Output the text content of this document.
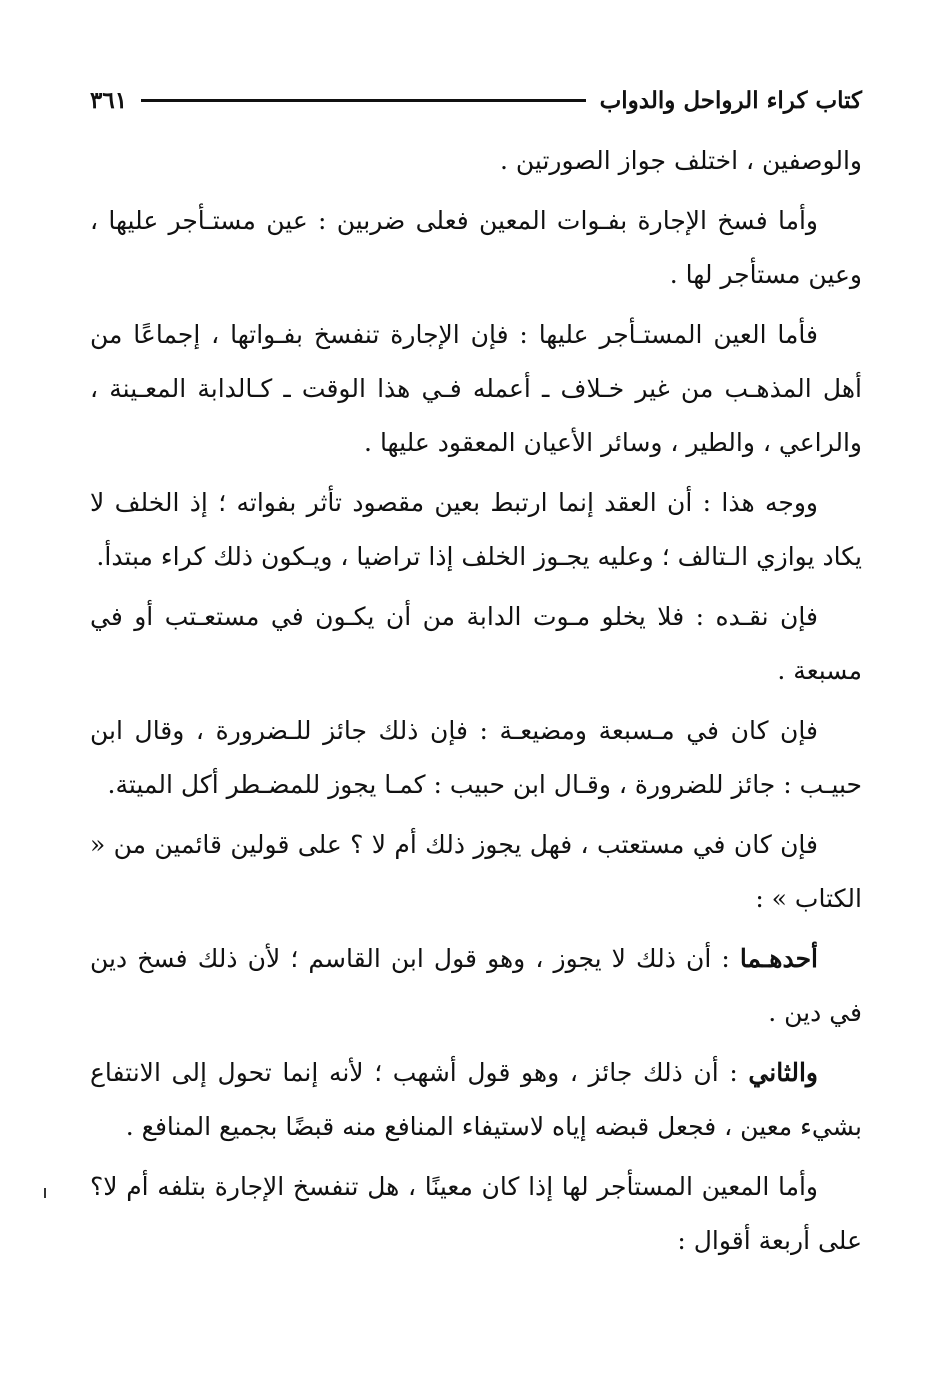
كتاب كراء الرواحل والدواب
٣٦١

والوصفين ، اختلف جواز الصورتين .

وأما فسخ الإجارة بفـوات المعين فعلى ضربين : عين مستـأجر عليها ، وعين مستأجر لها .

فأما العين المستـأجر عليها : فإن الإجارة تنفسخ بفـواتها ، إجماعًا من أهل المذهـب من غير خـلاف ـ أعمله فـي هذا الوقت ـ كـالدابة المعـينة ، والراعي ، والطير ، وسائر الأعيان المعقود عليها .

ووجه هذا : أن العقد إنما ارتبط بعين مقصود تأثر بفواته ؛ إذ الخلف لا يكاد يوازي الـتالف ؛ وعليه يجـوز الخلف إذا تراضيا ، ويـكون ذلك كراء مبتدأ.

فإن نقـده : فلا يخلو مـوت الدابة من أن يكـون في مستعـتب أو في مسبعة .

فإن كان في مـسبعة ومضيعـة : فإن ذلك جائز للـضرورة ، وقال ابن حبيـب : جائز للضرورة ، وقـال ابن حبيب : كمـا يجوز للمضـطر أكل الميتة.

فإن كان في مستعتب ، فهل يجوز ذلك أم لا ؟ على قولين قائمين من « الكتاب » :

أحدهـما : أن ذلك لا يجوز ، وهو قول ابن القاسم ؛ لأن ذلك فسخ دين في دين .

والثاني : أن ذلك جائز ، وهو قول أشهب ؛ لأنه إنما تحول إلى الانتفاع بشيء معين ، فجعل قبضه إياه لاستيفاء المنافع منه قبضًا بجميع المنافع .

وأما المعين المستأجر لها إذا كان معينًا ، هل تنفسخ الإجارة بتلفه أم لا؟ على أربعة أقوال :
